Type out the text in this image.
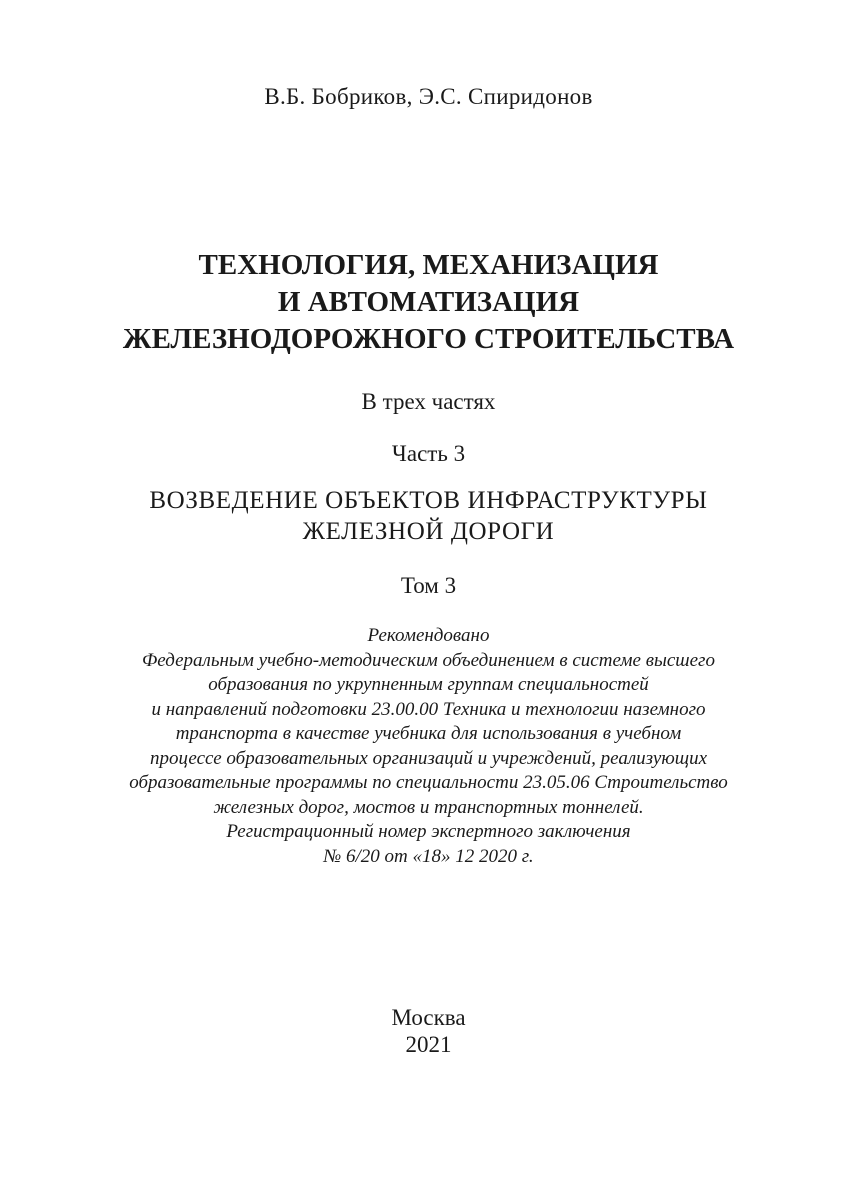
В.Б. Бобриков, Э.С. Спиридонов
ТЕХНОЛОГИЯ, МЕХАНИЗАЦИЯ
И АВТОМАТИЗАЦИЯ
ЖЕЛЕЗНОДОРОЖНОГО СТРОИТЕЛЬСТВА
В трех частях
Часть 3
ВОЗВЕДЕНИЕ ОБЪЕКТОВ ИНФРАСТРУКТУРЫ
ЖЕЛЕЗНОЙ ДОРОГИ
Том 3
Рекомендовано
Федеральным учебно-методическим объединением в системе высшего
образования по укрупненным группам специальностей
и направлений подготовки 23.00.00 Техника и технологии наземного
транспорта в качестве учебника для использования в учебном
процессе образовательных организаций и учреждений, реализующих
образовательные программы по специальности 23.05.06 Строительство
железных дорог, мостов и транспортных тоннелей.
Регистрационный номер экспертного заключения
№ 6/20 от «18» 12 2020 г.
Москва
2021
